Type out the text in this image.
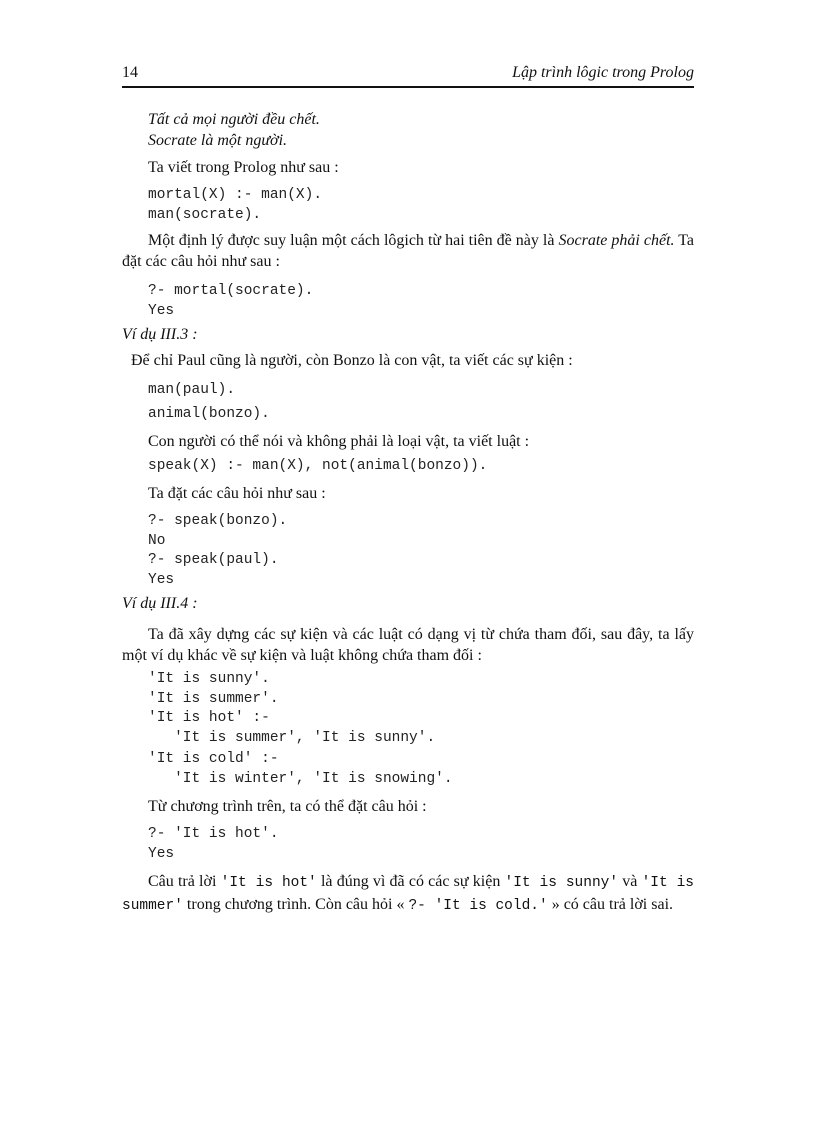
14	Lập trình lôgic trong Prolog
Tất cả mọi người đều chết.
Socrate là một người.
Ta viết trong Prolog như sau :
mortal(X) :- man(X).
man(socrate).
Một định lý được suy luận một cách lôgich từ hai tiên đề này là Socrate phải chết. Ta đặt các câu hỏi như sau :
?- mortal(socrate).
Yes
Ví dụ III.3 :
Để chỉ Paul cũng là người, còn Bonzo là con vật, ta viết các sự kiện :
man(paul).
animal(bonzo).
Con người có thể nói và không phải là loại vật, ta viết luật :
speak(X) :- man(X), not(animal(bonzo)).
Ta đặt các câu hỏi như sau :
?- speak(bonzo).
No
?- speak(paul).
Yes
Ví dụ III.4 :
Ta đã xây dựng các sự kiện và các luật có dạng vị từ chứa tham đối, sau đây, ta lấy một ví dụ khác về sự kiện và luật không chứa tham đối :
'It is sunny'.
'It is summer'.
'It is hot' :-
'It is summer', 'It is sunny'.
'It is cold' :-
'It is winter', 'It is snowing'.
Từ chương trình trên, ta có thể đặt câu hỏi :
?- 'It is hot'.
Yes
Câu trả lời 'It is hot' là đúng vì đã có các sự kiện 'It is sunny' và 'It is summer' trong chương trình. Còn câu hỏi « ?- 'It is cold.' » có câu trả lời sai.
